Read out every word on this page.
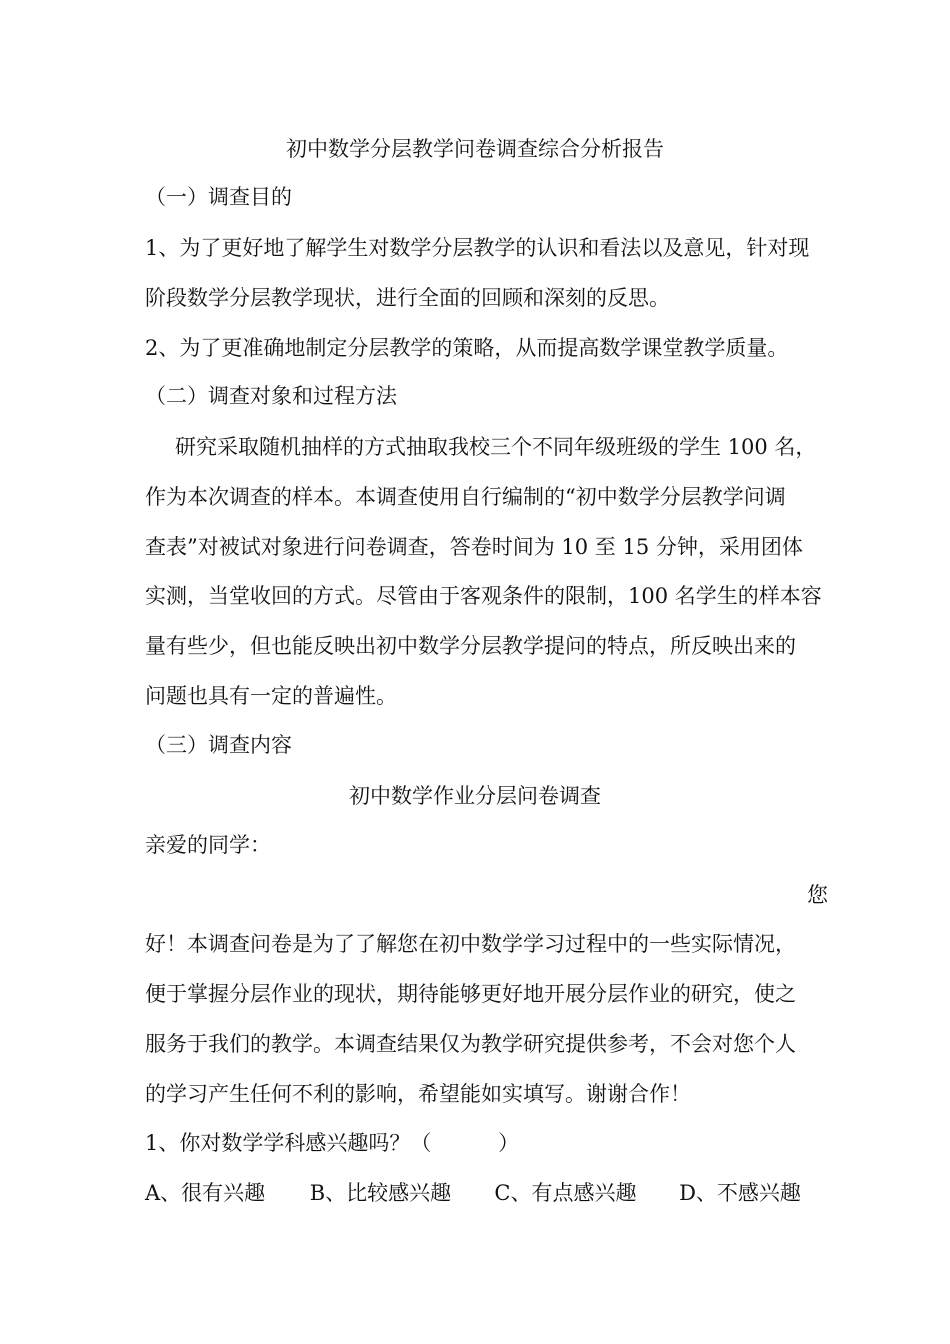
初中数学分层教学问卷调查综合分析报告
（一）调查目的
1、为了更好地了解学生对数学分层教学的认识和看法以及意见，针对现
阶段数学分层教学现状，进行全面的回顾和深刻的反思。
2、为了更准确地制定分层教学的策略，从而提高数学课堂教学质量。
（二）调查对象和过程方法
研究采取随机抽样的方式抽取我校三个不同年级班级的学生 100 名，
作为本次调查的样本。本调查使用自行编制的“初中数学分层教学问调
查表”对被试对象进行问卷调查，答卷时间为 10 至 15 分钟，采用团体
实测，当堂收回的方式。尽管由于客观条件的限制，100 名学生的样本容
量有些少，但也能反映出初中数学分层教学提问的特点，所反映出来的
问题也具有一定的普遍性。
（三）调查内容
初中数学作业分层问卷调查
亲爱的同学：
您
好！本调查问卷是为了了解您在初中数学学习过程中的一些实际情况，
便于掌握分层作业的现状，期待能够更好地开展分层作业的研究，使之
服务于我们的教学。本调查结果仅为教学研究提供参考，不会对您个人
的学习产生任何不利的影响，希望能如实填写。谢谢合作！
1、你对数学学科感兴趣吗？（          ）
A、很有兴趣 B、比较感兴趣 C、有点感兴趣 D、不感兴趣
